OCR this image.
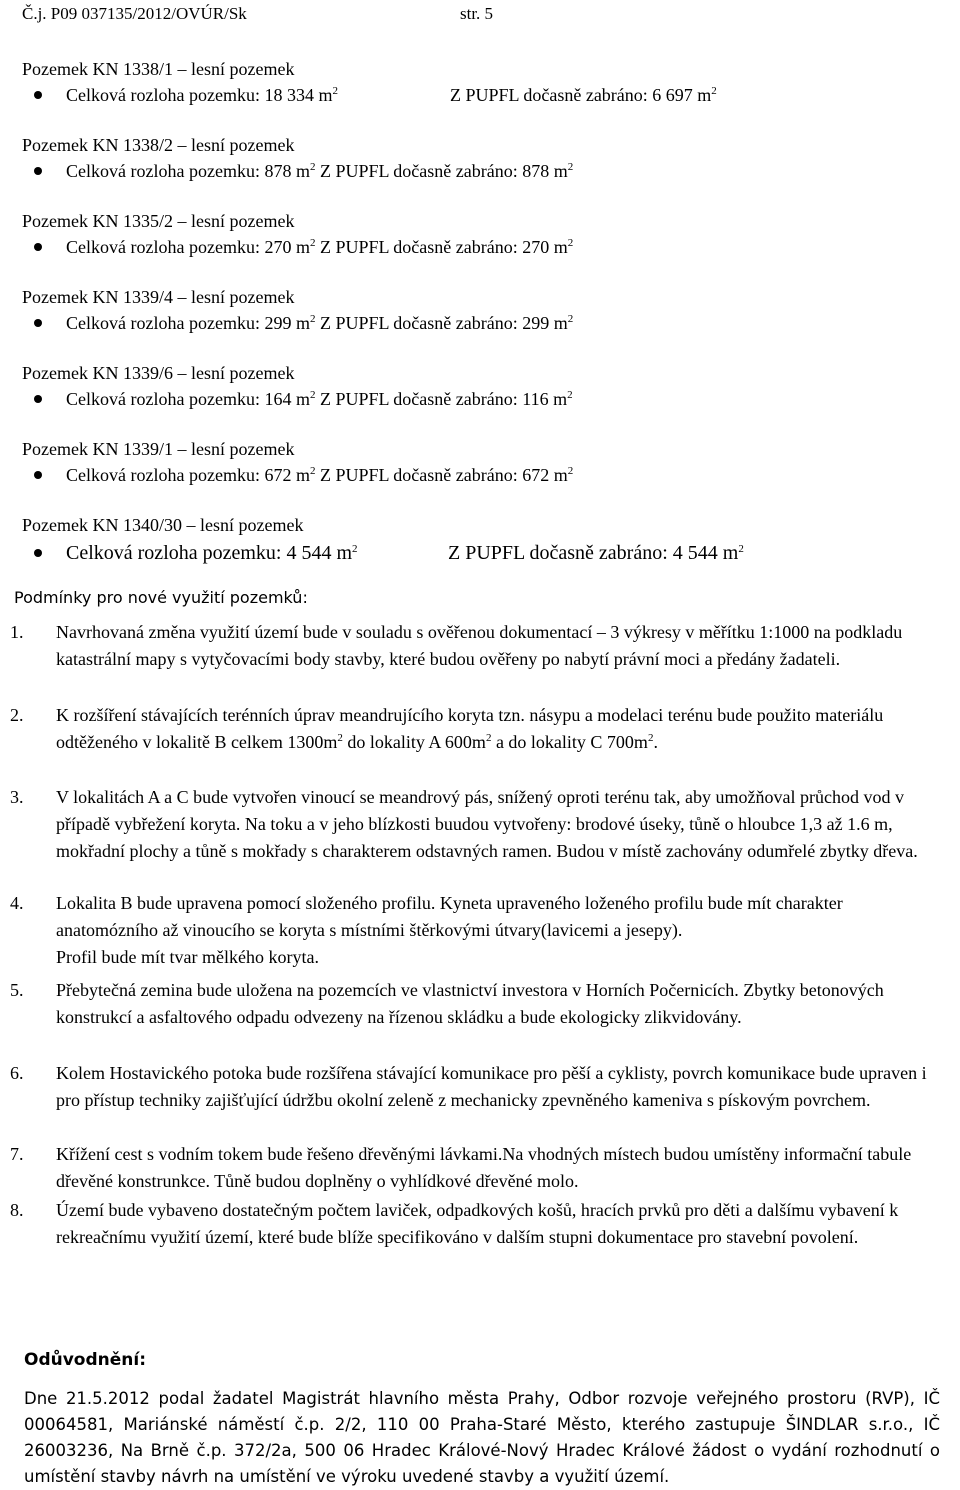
Č.j. P09 037135/2012/OVÚR/Sk	str. 5
Pozemek KN 1338/1 – lesní pozemek
Celková rozloha pozemku: 18 334 $m^2$	Z PUPFL dočasně zabráno: 6 697 $m^2$
Pozemek KN 1338/2 – lesní pozemek
Celková rozloha pozemku: 878 $m^2$ Z PUPFL dočasně zabráno: 878 $m^2$
Pozemek KN 1335/2 – lesní pozemek
Celková rozloha pozemku: 270 $m^2$ Z PUPFL dočasně zabráno: 270 $m^2$
Pozemek KN 1339/4 – lesní pozemek
Celková rozloha pozemku: 299 $m^2$ Z PUPFL dočasně zabráno: 299 $m^2$
Pozemek KN 1339/6 – lesní pozemek
Celková rozloha pozemku: 164 $m^2$ Z PUPFL dočasně zabráno: 116 $m^2$
Pozemek KN 1339/1 – lesní pozemek
Celková rozloha pozemku: 672 $m^2$ Z PUPFL dočasně zabráno: 672 $m^2$
Pozemek KN 1340/30 – lesní pozemek
Celková rozloha pozemku: 4 544 $m^2$	Z PUPFL dočasně zabráno: 4 544 $m^2$
Podmínky pro nové využití pozemků:
1. Navrhovaná změna využití území bude v souladu s ověřenou dokumentací – 3 výkresy v měřítku 1:1000 na podkladu katastrální mapy s vytyčovacími body stavby, které budou ověřeny po nabytí právní moci a předány žadateli.
2. K rozšíření stávajících terénních úprav meandrujícího koryta tzn. násypu a modelaci terénu bude použito materiálu odtěženého v lokalitě B celkem $1300m^2$ do lokality A $600m^2$ a do lokality C $700m^2$.
3. V lokalitách A a C bude vytvořen vinoucí se meandrový pás, snížený oproti terénu tak, aby umožňoval průchod vod v případě vybřežení koryta. Na toku a v jeho blízkosti buudou vytvořeny: brodové úseky, tůně o hloubce 1,3 až 1.6 m, mokřadní plochy a tůně s mokřady s charakterem odstavných ramen. Budou v místě zachovány odumřelé zbytky dřeva.
4. Lokalita B bude upravena pomocí složeného profilu. Kyneta upraveného loženého profilu bude mít charakter anatomózního až vinoucího se koryta s místními štěrkovými útvary(lavicemi a jesepy).
Profil bude mít tvar mělkého koryta.
5. Přebytečná zemina bude uložena na pozemcích ve vlastnictví investora v Horních Počernicích. Zbytky betonových konstrukcí a asfaltového odpadu odvezeny na řízenou skládku a bude ekologicky zlikvidovány.
6. Kolem Hostavického potoka bude rozšířena stávající komunikace pro pěší a cyklisty, povrch komunikace bude upraven i pro přístup techniky zajišťující údržbu okolní zeleně z mechanicky zpevněného kameniva s pískovým povrchem.
7. Křížení cest s vodním tokem bude řešeno dřevěnými lávkami.Na vhodných místech budou umístěny informační tabule dřevěné konstrunkce. Tůně budou doplněny o vyhlídkové dřevěné molo.
8. Území bude vybaveno dostatečným počtem laviček, odpadkových košů, hracích prvků pro děti a dalšímu vybavení k rekreačnímu využití území, které bude blíže specifikováno v dalším stupni dokumentace pro stavební povolení.
Odůvodnění:
Dne 21.5.2012 podal žadatel Magistrát hlavního města Prahy, Odbor rozvoje veřejného prostoru (RVP), IČ 00064581, Mariánské náměstí č.p. 2/2, 110 00 Praha-Staré Město, kterého zastupuje ŠINDLAR s.r.o., IČ 26003236, Na Brně č.p. 372/2a, 500 06 Hradec Králové-Nový Hradec Králové žádost o vydání rozhodnutí o umístění stavby návrh na umístění ve výroku uvedené stavby a využití území.
